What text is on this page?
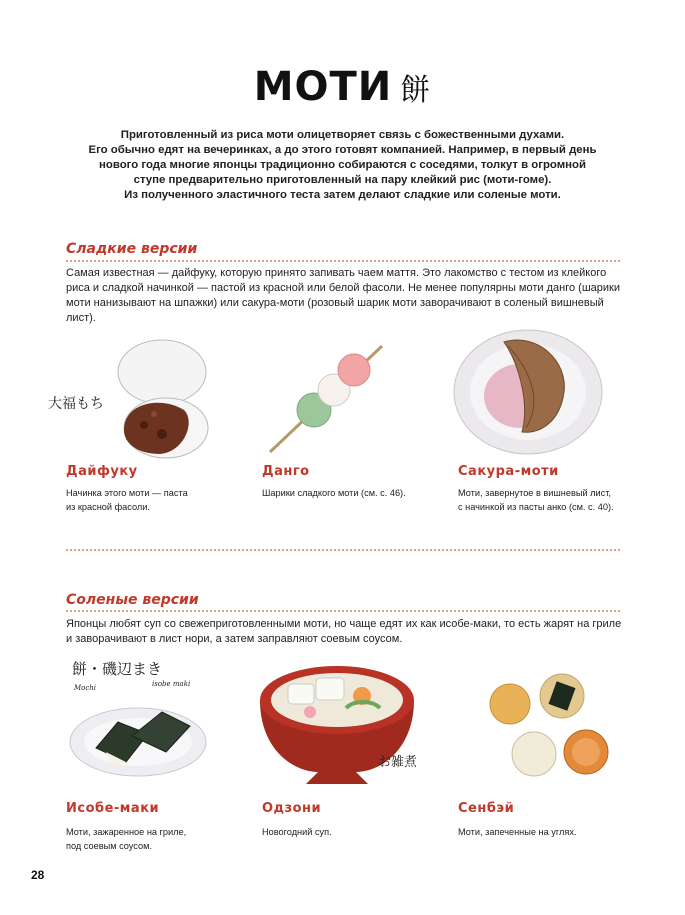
МОТИ 餅
Приготовленный из риса моти олицетворяет связь с божественными духами.
Его обычно едят на вечеринках, а до этого готовят компанией. Например, в первый день
нового года многие японцы традиционно собираются с соседями, толкут в огромной
ступе предварительно приготовленный на пару клейкий рис (моти-гоме).
Из полученного эластичного теста затем делают сладкие или соленые моти.
Сладкие версии
Самая известная — дайфуку, которую принято запивать чаем маття. Это лакомство с тестом из клейкого риса и сладкой начинкой — пастой из красной или белой фасоли. Не менее популярны моти данго (шарики моти нанизывают на шпажки) или сакура-моти (розовый шарик моти заворачивают в соленый вишневый лист).
大福もち
Дайфуку
Начинка этого моти — паста
из красной фасоли.
Данго
Шарики сладкого моти (см. с. 46).
Сакура-моти
Моти, завернутое в вишневый лист,
с начинкой из пасты анко (см. с. 40).
Соленые версии
Японцы любят суп со свежеприготовленными моти, но чаще едят их как исобе-маки, то есть жарят на гриле и заворачивают в лист нори, а затем заправляют соевым соусом.
餅・磯辺まき
Mochi	isobe maki
お雑煮
Исобе-маки
Моти, зажаренное на гриле,
под соевым соусом.
Одзони
Новогодний суп.
Сенбэй
Моти, запеченные на углях.
28
